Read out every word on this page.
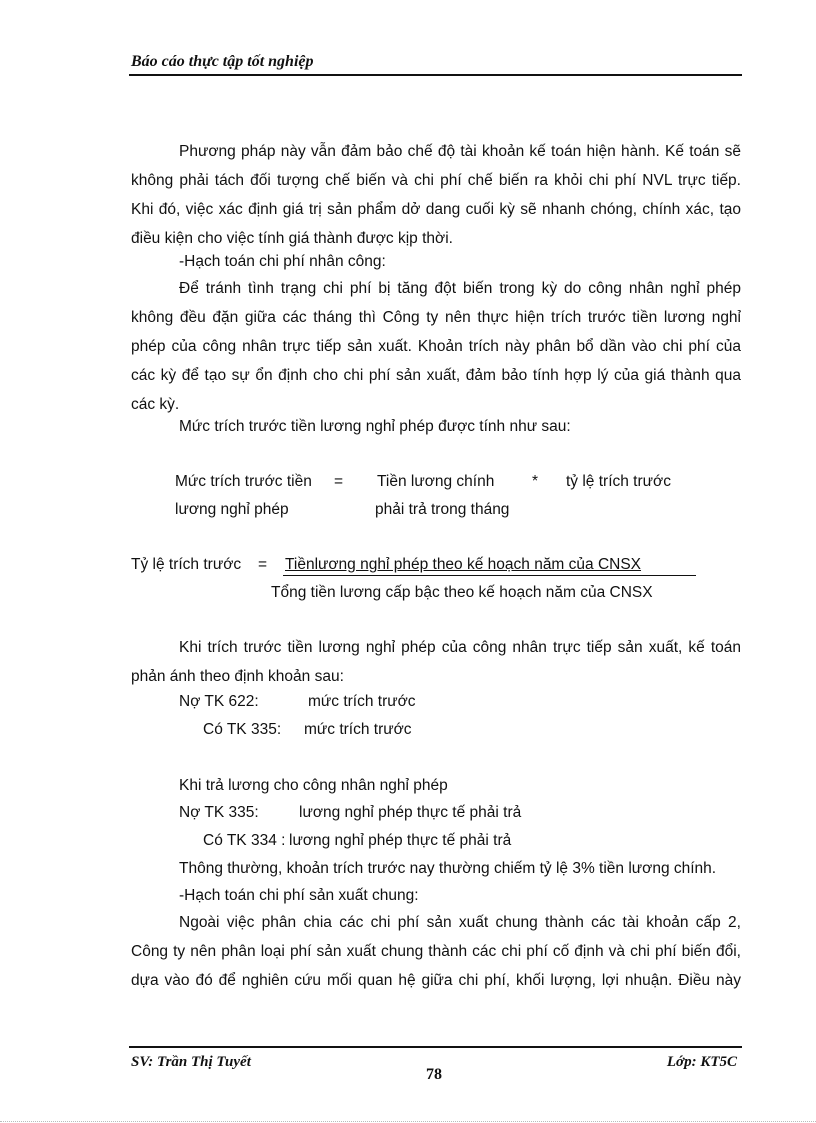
Báo cáo thực tập tốt nghiệp
Phương pháp này vẫn đảm bảo chế độ tài khoản kế toán hiện hành. Kế toán sẽ
không phải tách đối tượng chế biến và chi phí chế biến ra khỏi chi phí NVL trực tiếp.
Khi đó, việc xác định giá trị sản phẩm dở dang cuối kỳ sẽ nhanh chóng, chính xác, tạo
điều kiện cho việc tính giá thành được kịp thời.
-Hạch toán chi phí nhân công:
Để tránh tình trạng chi phí bị tăng đột biến trong kỳ do công nhân nghỉ phép
không đều đặn giữa các tháng thì Công ty nên thực hiện trích trước tiền lương nghỉ
phép của công nhân trực tiếp sản xuất. Khoản trích này phân bổ dần vào chi phí của
các kỳ để tạo sự ổn định cho chi phí sản xuất, đảm bảo tính hợp lý của giá thành qua
các kỳ.
Mức trích trước tiền lương nghỉ phép được tính như sau:
Mức trích trước tiền = Tiền lương chính * tỷ lệ trích trước
lương nghỉ phép	phải trả trong tháng
Tỷ lệ trích trước = Tiềnlương nghỉ phép theo kế hoạch năm của CNSX
Tổng tiền lương cấp bậc theo kế hoạch năm của CNSX
Khi trích trước tiền lương nghỉ phép của công nhân trực tiếp sản xuất, kế toán
phản ánh theo định khoản sau:
Nợ TK 622:	mức trích trước
Có TK 335: mức trích trước
Khi trả lương cho công nhân nghỉ phép
Nợ TK 335:	lương nghỉ phép thực tế phải trả
Có TK 334 : lương nghỉ phép thực tế phải trả
Thông thường, khoản trích trước nay thường chiếm tỷ lệ 3% tiền lương chính.
-Hạch toán chi phí sản xuất chung:
Ngoài việc phân chia các chi phí sản xuất chung thành các tài khoản cấp 2,
Công ty nên phân loại phí sản xuất chung thành các chi phí cố định và chi phí biến đổi,
dựa vào đó để nghiên cứu mối quan hệ giữa chi phí, khối lượng, lợi nhuận. Điều này
SV: Trần Thị Tuyết
78
Lớp: KT5C
